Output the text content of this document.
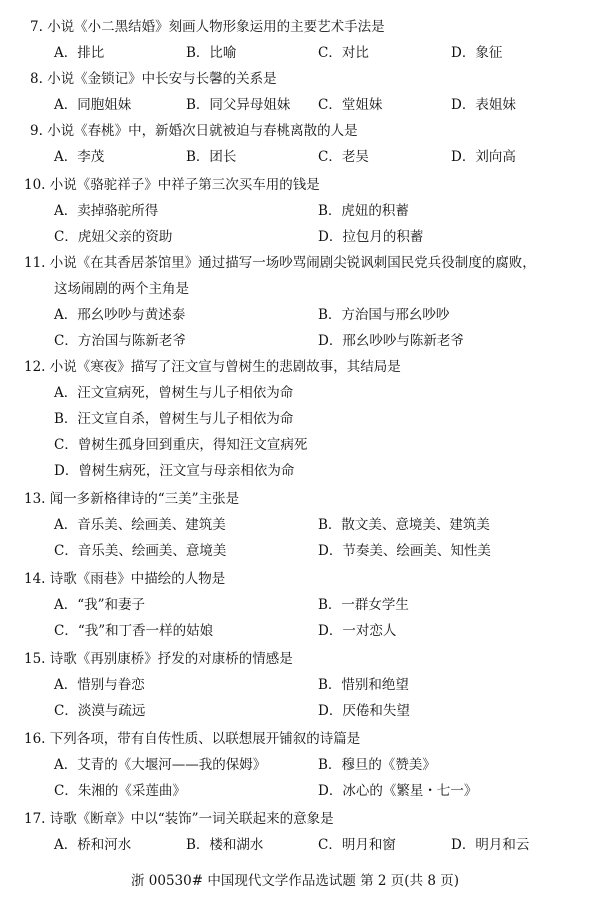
7. 小说《小二黑结婚》刻画人物形象运用的主要艺术手法是
A．排比	B．比喻	C．对比	D．象征
8. 小说《金锁记》中长安与长馨的关系是
A．同胞姐妹	B．同父异母姐妹 C．堂姐妹	D．表姐妹
9. 小说《春桃》中，新婚次日就被迫与春桃离散的人是
A．李茂	B．团长	C．老吴	D．刘向高
10. 小说《骆驼祥子》中祥子第三次买车用的钱是
A．卖掉骆驼所得	B．虎妞的积蓄
C．虎妞父亲的资助	D．拉包月的积蓄
11. 小说《在其香居茶馆里》通过描写一场吵骂闹剧尖锐讽刺国民党兵役制度的腐败，
这场闹剧的两个主角是
A．邢幺吵吵与黄述泰	B．方治国与邢幺吵吵
C．方治国与陈新老爷	D．邢幺吵吵与陈新老爷
12. 小说《寒夜》描写了汪文宣与曾树生的悲剧故事，其结局是
A．汪文宣病死，曾树生与儿子相依为命
B．汪文宣自杀，曾树生与儿子相依为命
C．曾树生孤身回到重庆，得知汪文宣病死
D．曾树生病死，汪文宣与母亲相依为命
13. 闻一多新格律诗的“三美”主张是
A．音乐美、绘画美、建筑美	B．散文美、意境美、建筑美
C．音乐美、绘画美、意境美	D．节奏美、绘画美、知性美
14. 诗歌《雨巷》中描绘的人物是
A．“我”和妻子	B．一群女学生
C．“我”和丁香一样的姑娘	D．一对恋人
15. 诗歌《再别康桥》抒发的对康桥的情感是
A．惜别与眷恋	B．惜别和绝望
C．淡漠与疏远	D．厌倦和失望
16. 下列各项，带有自传性质、以联想展开铺叙的诗篇是
A．艾青的《大堰河——我的保姆》	B．穆旦的《赞美》
C．朱湘的《采莲曲》	D．冰心的《繁星・七一》
17. 诗歌《断章》中以“装饰”一词关联起来的意象是
A．桥和河水	B．楼和湖水	C．明月和窗	D．明月和云
浙 00530# 中国现代文学作品选试题 第 2 页(共 8 页)
